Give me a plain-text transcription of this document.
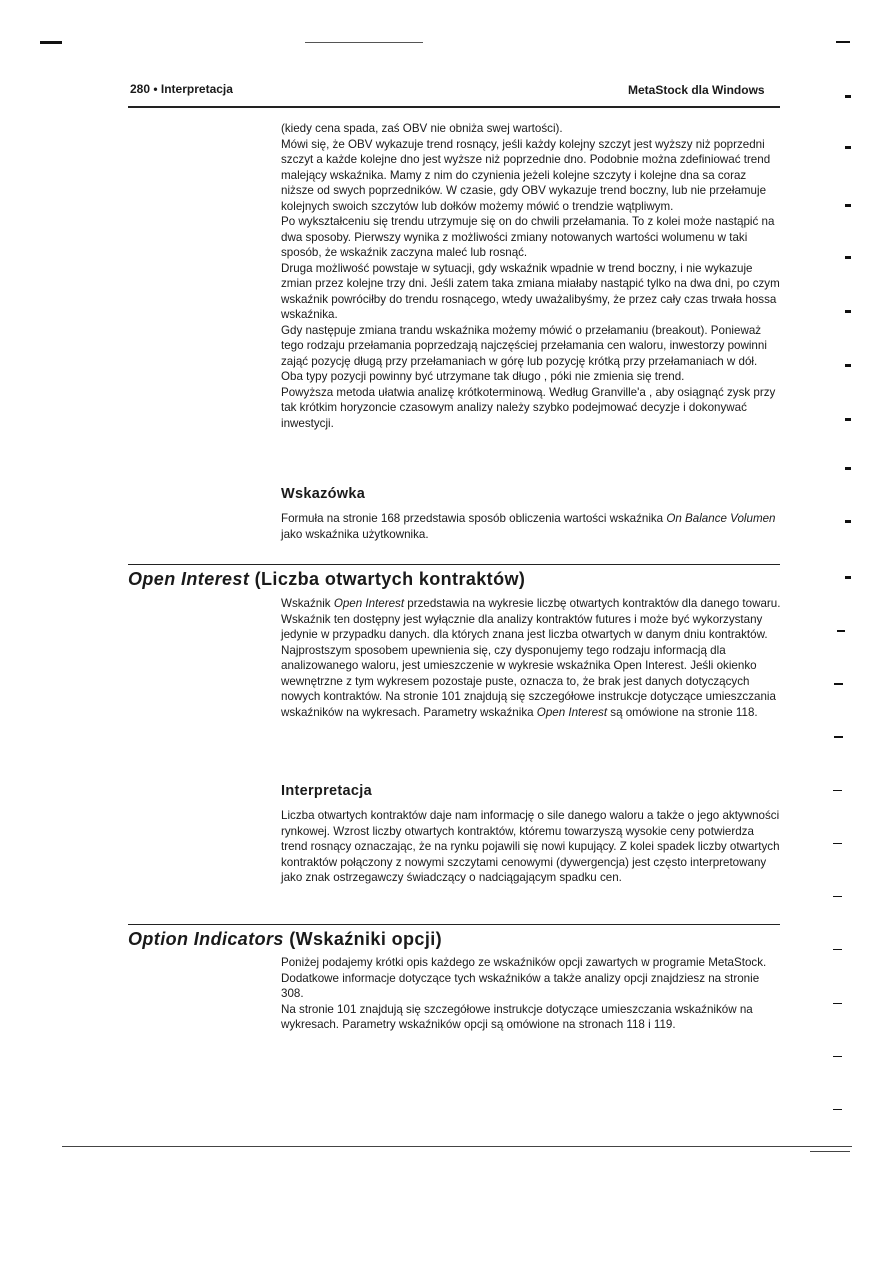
280 • Interpretacja	MetaStock dla Windows

(kiedy cena spada, zaś OBV nie obniża swej wartości).

Mówi się, że OBV wykazuje trend rosnący, jeśli każdy kolejny szczyt jest wyższy niż poprzedni szczyt a każde kolejne dno jest wyższe niż poprzednie dno. Podobnie można zdefiniować trend malejący wskaźnika. Mamy z nim do czynienia jeżeli kolejne szczyty i kolejne dna sa coraz niższe od swych poprzedników. W czasie, gdy OBV wykazuje trend boczny, lub nie przełamuje kolejnych swoich szczytów lub dołków możemy mówić o trendzie wątpliwym.

Po wykształceniu się trendu utrzymuje się on do chwili przełamania. To z kolei może nastąpić na dwa sposoby. Pierwszy wynika z możliwości zmiany notowanych wartości wolumenu w taki sposób, że wskaźnik zaczyna maleć lub rosnąć.

Druga możliwość powstaje w sytuacji, gdy wskaźnik wpadnie w trend boczny, i nie wykazuje zmian przez kolejne trzy dni. Jeśli zatem taka zmiana miałaby nastąpić tylko na dwa dni, po czym wskaźnik powróciłby do trendu rosnącego, wtedy uważalibyśmy, że przez cały czas trwała hossa wskaźnika.

Gdy następuje zmiana trandu wskaźnika możemy mówić o przełamaniu (breakout). Ponieważ tego rodzaju przełamania poprzedzają najczęściej przełamania cen waloru, inwestorzy powinni zająć pozycję długą przy przełamaniach w górę lub pozycję krótką przy przełamaniach w dół. Oba typy pozycji powinny być utrzymane tak długo , póki nie zmienia się trend.

Powyższa metoda ułatwia analizę krótkoterminową. Według Granville'a , aby osiągnąć zysk przy tak krótkim horyzoncie czasowym analizy należy szybko podejmować decyzje i dokonywać inwestycji.

Wskazówka

Formuła na stronie 168 przedstawia sposób obliczenia wartości wskaźnika On Balance Volumen jako wskaźnika użytkownika.

Open Interest (Liczba otwartych kontraktów)

Wskaźnik Open Interest przedstawia na wykresie liczbę otwartych kontraktów dla danego towaru.

Wskaźnik ten dostępny jest wyłącznie dla analizy kontraktów futures i może być wykorzystany jedynie w przypadku danych. dla których znana jest liczba otwartych w danym dniu kontraktów. Najprostszym sposobem upewnienia się, czy dysponujemy tego rodzaju informacją dla analizowanego waloru, jest umieszczenie w wykresie wskaźnika Open Interest. Jeśli okienko wewnętrzne z tym wykresem pozostaje puste, oznacza to, że brak jest danych dotyczących nowych kontraktów. Na stronie 101 znajdują się szczegółowe instrukcje dotyczące umieszczania wskaźników na wykresach. Parametry wskaźnika Open Interest są omówione na stronie 118.

Interpretacja

Liczba otwartych kontraktów daje nam informację o sile danego waloru a także o jego aktywności rynkowej. Wzrost liczby otwartych kontraktów, któremu towarzyszą wysokie ceny potwierdza trend rosnący oznaczając, że na rynku pojawili się nowi kupujący. Z kolei spadek liczby otwartych kontraktów połączony z nowymi szczytami cenowymi (dywergencja) jest często interpretowany jako znak ostrzegawczy świadczący o nadciągającym spadku cen.

Option Indicators (Wskaźniki opcji)

Poniżej podajemy krótki opis każdego ze wskaźników opcji zawartych w programie MetaStock. Dodatkowe informacje dotyczące tych wskaźników a także analizy opcji znajdziesz na stronie 308.

Na stronie 101 znajdują się szczegółowe instrukcje dotyczące umieszczania wskaźników na wykresach. Parametry wskaźników opcji są omówione na stronach 118 i 119.
